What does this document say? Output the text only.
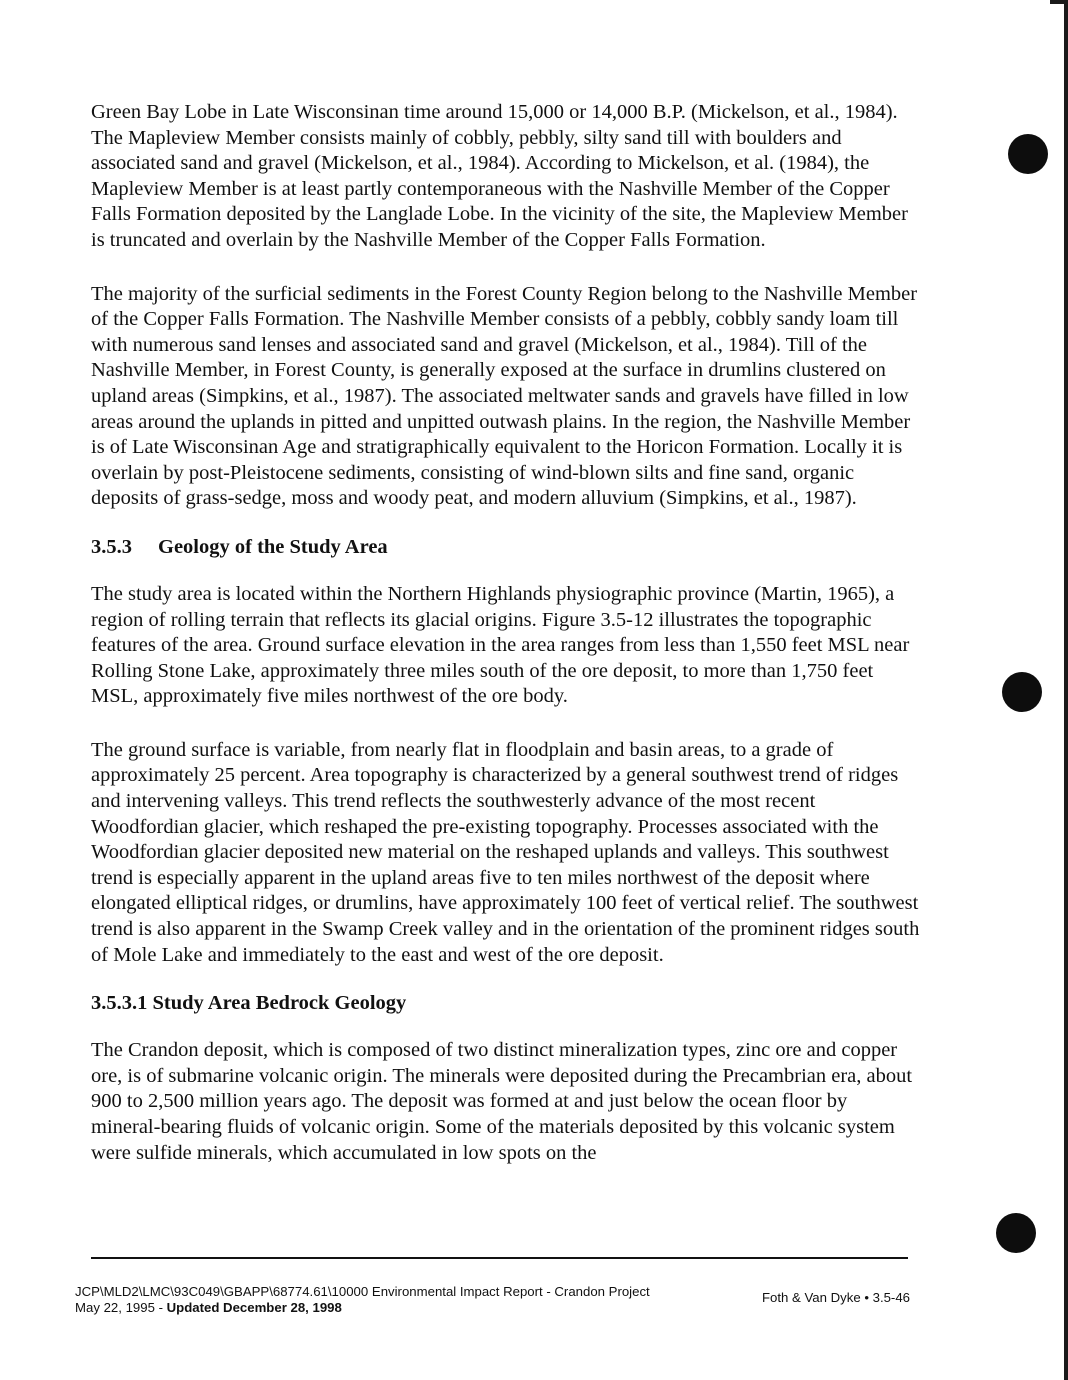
Green Bay Lobe in Late Wisconsinan time around 15,000 or 14,000 B.P. (Mickelson, et al., 1984). The Mapleview Member consists mainly of cobbly, pebbly, silty sand till with boulders and associated sand and gravel (Mickelson, et al., 1984). According to Mickelson, et al. (1984), the Mapleview Member is at least partly contemporaneous with the Nashville Member of the Copper Falls Formation deposited by the Langlade Lobe. In the vicinity of the site, the Mapleview Member is truncated and overlain by the Nashville Member of the Copper Falls Formation.

The majority of the surficial sediments in the Forest County Region belong to the Nashville Member of the Copper Falls Formation. The Nashville Member consists of a pebbly, cobbly sandy loam till with numerous sand lenses and associated sand and gravel (Mickelson, et al., 1984). Till of the Nashville Member, in Forest County, is generally exposed at the surface in drumlins clustered on upland areas (Simpkins, et al., 1987). The associated meltwater sands and gravels have filled in low areas around the uplands in pitted and unpitted outwash plains. In the region, the Nashville Member is of Late Wisconsinan Age and stratigraphically equivalent to the Horicon Formation. Locally it is overlain by post-Pleistocene sediments, consisting of wind-blown silts and fine sand, organic deposits of grass-sedge, moss and woody peat, and modern alluvium (Simpkins, et al., 1987).

3.5.3 Geology of the Study Area

The study area is located within the Northern Highlands physiographic province (Martin, 1965), a region of rolling terrain that reflects its glacial origins. Figure 3.5-12 illustrates the topographic features of the area. Ground surface elevation in the area ranges from less than 1,550 feet MSL near Rolling Stone Lake, approximately three miles south of the ore deposit, to more than 1,750 feet MSL, approximately five miles northwest of the ore body.

The ground surface is variable, from nearly flat in floodplain and basin areas, to a grade of approximately 25 percent. Area topography is characterized by a general southwest trend of ridges and intervening valleys. This trend reflects the southwesterly advance of the most recent Woodfordian glacier, which reshaped the pre-existing topography. Processes associated with the Woodfordian glacier deposited new material on the reshaped uplands and valleys. This southwest trend is especially apparent in the upland areas five to ten miles northwest of the deposit where elongated elliptical ridges, or drumlins, have approximately 100 feet of vertical relief. The southwest trend is also apparent in the Swamp Creek valley and in the orientation of the prominent ridges south of Mole Lake and immediately to the east and west of the ore deposit.

3.5.3.1 Study Area Bedrock Geology

The Crandon deposit, which is composed of two distinct mineralization types, zinc ore and copper ore, is of submarine volcanic origin. The minerals were deposited during the Precambrian era, about 900 to 2,500 million years ago. The deposit was formed at and just below the ocean floor by mineral-bearing fluids of volcanic origin. Some of the materials deposited by this volcanic system were sulfide minerals, which accumulated in low spots on the

JCP\MLD2\LMC\93C049\GBAPP\68774.61\10000 Environmental Impact Report - Crandon Project
May 22, 1995 - Updated December 28, 1998
Foth & Van Dyke • 3.5-46
